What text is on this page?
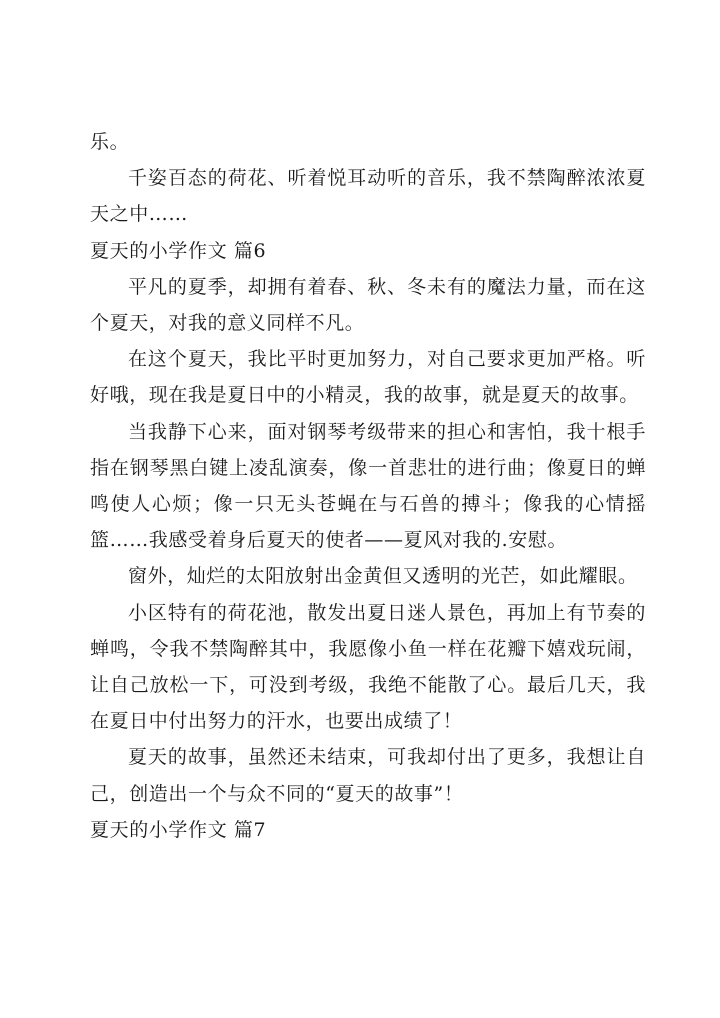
乐。

千姿百态的荷花、听着悦耳动听的音乐，我不禁陶醉浓浓夏天之中……

夏天的小学作文 篇6

平凡的夏季，却拥有着春、秋、冬未有的魔法力量，而在这个夏天，对我的意义同样不凡。

在这个夏天，我比平时更加努力，对自己要求更加严格。听好哦，现在我是夏日中的小精灵，我的故事，就是夏天的故事。

当我静下心来，面对钢琴考级带来的担心和害怕，我十根手指在钢琴黑白键上凌乱演奏，像一首悲壮的进行曲；像夏日的蝉鸣使人心烦；像一只无头苍蝇在与石兽的搏斗；像我的心情摇篮……我感受着身后夏天的使者——夏风对我的.安慰。

窗外，灿烂的太阳放射出金黄但又透明的光芒，如此耀眼。

小区特有的荷花池，散发出夏日迷人景色，再加上有节奏的蝉鸣，令我不禁陶醉其中，我愿像小鱼一样在花瓣下嬉戏玩闹，让自己放松一下，可没到考级，我绝不能散了心。最后几天，我在夏日中付出努力的汗水，也要出成绩了！

夏天的故事，虽然还未结束，可我却付出了更多，我想让自己，创造出一个与众不同的“夏天的故事”！

夏天的小学作文 篇7
